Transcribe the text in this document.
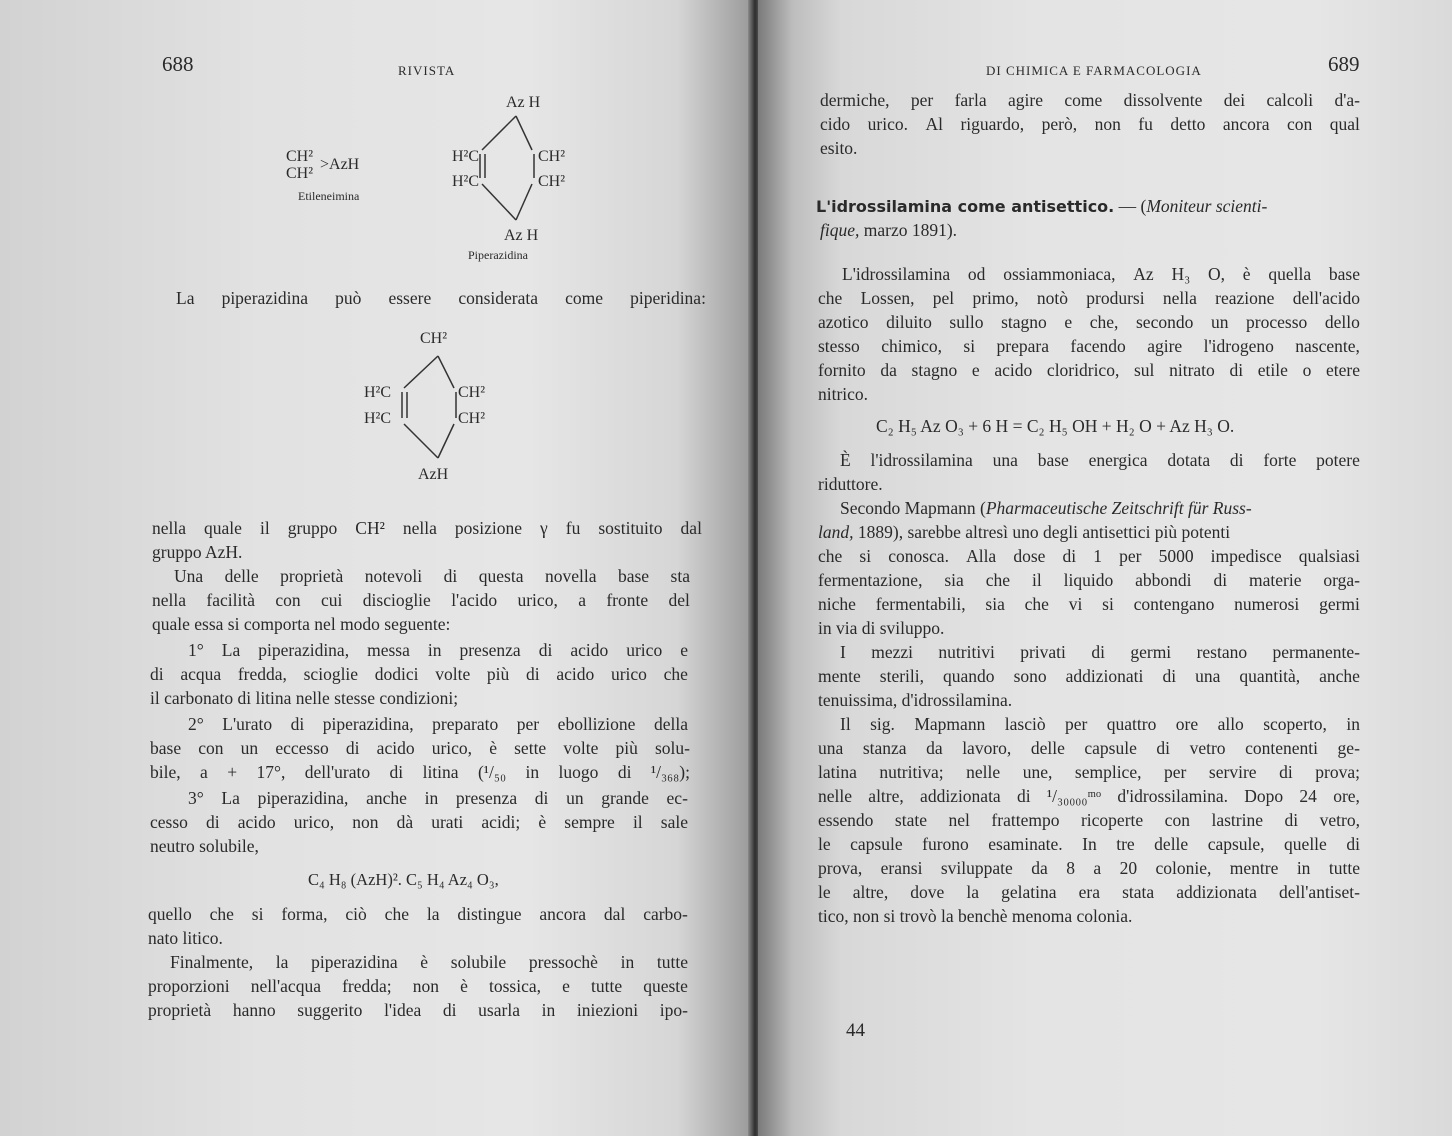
688	RIVISTA
CH²
CH²
>AzH
Etileneimina
Az H
H²C
H²C
CH²
CH²
Az H
Piperazidina
La piperazidina può essere considerata come piperidina:
CH²
H²C
H²C
CH²
CH²
AzH
nella quale il gruppo CH² nella posizione γ fu sostituito dal
gruppo AzH.
Una delle proprietà notevoli di questa novella base sta
nella facilità con cui discioglie l'acido urico, a fronte del
quale essa si comporta nel modo seguente:
1° La piperazidina, messa in presenza di acido urico e
di acqua fredda, scioglie dodici volte più di acido urico che
il carbonato di litina nelle stesse condizioni;
2° L'urato di piperazidina, preparato per ebollizione della
base con un eccesso di acido urico, è sette volte più solu-
bile, a + 17°, dell'urato di litina (¹/₅₀ in luogo di ¹/₃₆₈);
3° La piperazidina, anche in presenza di un grande ec-
cesso di acido urico, non dà urati acidi; è sempre il sale
neutro solubile,
C₄ H₈ (AzH)². C₅ H₄ Az₄ O₃,
quello che si forma, ciò che la distingue ancora dal carbo-
nato litico.
Finalmente, la piperazidina è solubile pressochè in tutte
proporzioni nell'acqua fredda; non è tossica, e tutte queste
proprietà hanno suggerito l'idea di usarla in iniezioni ipo-
DI CHIMICA E FARMACOLOGIA	689
dermiche, per farla agire come dissolvente dei calcoli d'a-
cido urico. Al riguardo, però, non fu detto ancora con qual
esito.
L'idrossilamina come antisettico. — (Moniteur scienti-
fique, marzo 1891).
L'idrossilamina od ossiammoniaca, Az H₃ O, è quella base
che Lossen, pel primo, notò prodursi nella reazione dell'acido
azotico diluito sullo stagno e che, secondo un processo dello
stesso chimico, si prepara facendo agire l'idrogeno nascente,
fornito da stagno e acido cloridrico, sul nitrato di etile o etere
nitrico.
C₂ H₅ Az O₃ + 6 H = C₂ H₅ OH + H₂ O + Az H₃ O.
È l'idrossilamina una base energica dotata di forte potere
riduttore.
Secondo Mapmann (Pharmaceutische Zeitschrift für Russ-
land, 1889), sarebbe altresì uno degli antisettici più potenti
che si conosca. Alla dose di 1 per 5000 impedisce qualsiasi
fermentazione, sia che il liquido abbondi di materie orga-
niche fermentabili, sia che vi si contengano numerosi germi
in via di sviluppo.
I mezzi nutritivi privati di germi restano permanente-
mente sterili, quando sono addizionati di una quantità, anche
tenuissima, d'idrossilamina.
Il sig. Mapmann lasciò per quattro ore allo scoperto, in
una stanza da lavoro, delle capsule di vetro contenenti ge-
latina nutritiva; nelle une, semplice, per servire di prova;
nelle altre, addizionata di ¹/₃₀₀₀₀ᵐᵒ d'idrossilamina. Dopo 24 ore,
essendo state nel frattempo ricoperte con lastrine di vetro,
le capsule furono esaminate. In tre delle capsule, quelle di
prova, eransi sviluppate da 8 a 20 colonie, mentre in tutte
le altre, dove la gelatina era stata addizionata dell'antiset-
tico, non si trovò la benchè menoma colonia.
44
